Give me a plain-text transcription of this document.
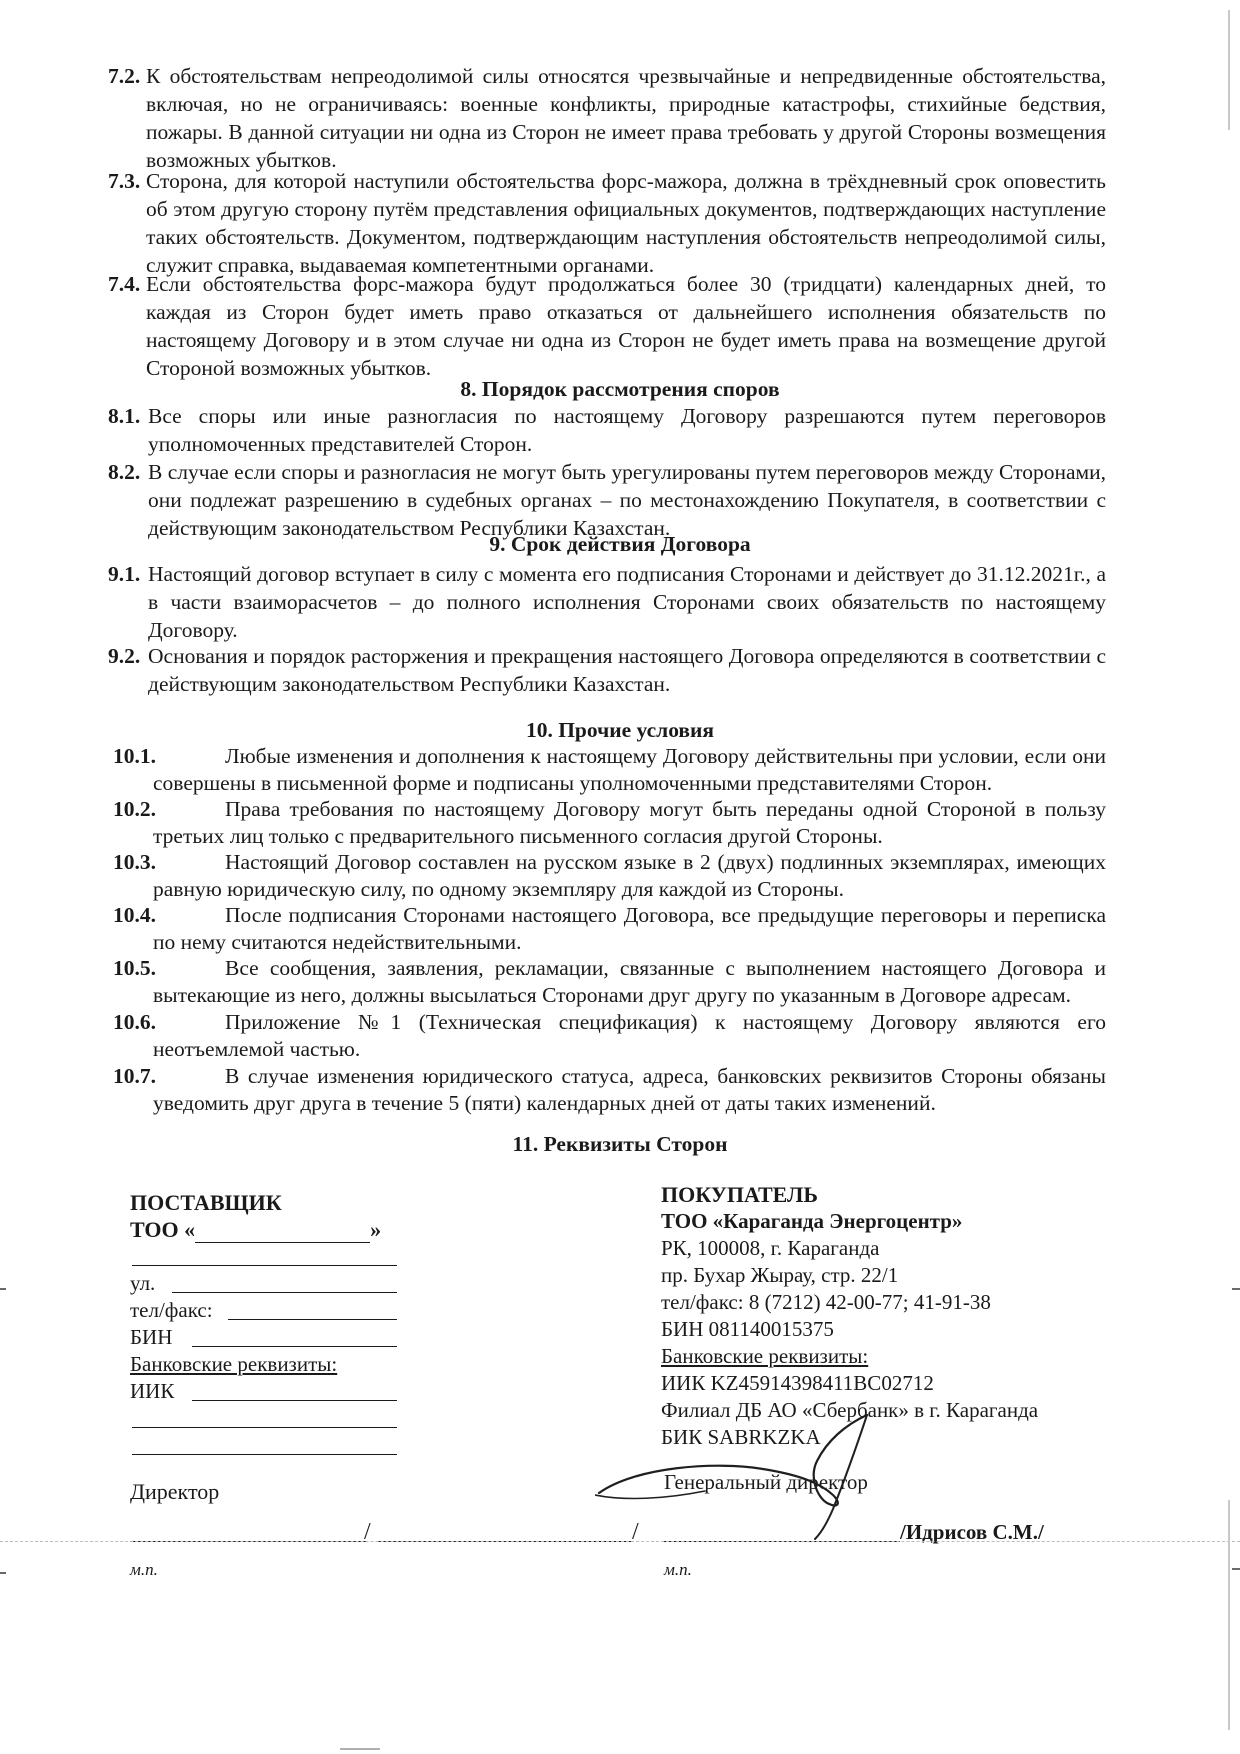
7.2. К обстоятельствам непреодолимой силы относятся чрезвычайные и непредвиденные обстоятельства, включая, но не ограничиваясь: военные конфликты, природные катастрофы, стихийные бедствия, пожары. В данной ситуации ни одна из Сторон не имеет права требовать у другой Стороны возмещения возможных убытков.
7.3. Сторона, для которой наступили обстоятельства форс-мажора, должна в трёхдневный срок оповестить об этом другую сторону путём представления официальных документов, подтверждающих наступление таких обстоятельств. Документом, подтверждающим наступления обстоятельств непреодолимой силы, служит справка, выдаваемая компетентными органами.
7.4. Если обстоятельства форс-мажора будут продолжаться более 30 (тридцати) календарных дней, то каждая из Сторон будет иметь право отказаться от дальнейшего исполнения обязательств по настоящему Договору и в этом случае ни одна из Сторон не будет иметь права на возмещение другой Стороной возможных убытков.
8. Порядок рассмотрения споров
8.1. Все споры или иные разногласия по настоящему Договору разрешаются путем переговоров уполномоченных представителей Сторон.
8.2. В случае если споры и разногласия не могут быть урегулированы путем переговоров между Сторонами, они подлежат разрешению в судебных органах – по местонахождению Покупателя, в соответствии с действующим законодательством Республики Казахстан.
9. Срок действия Договора
9.1. Настоящий договор вступает в силу с момента его подписания Сторонами и действует до 31.12.2021г., а в части взаиморасчетов – до полного исполнения Сторонами своих обязательств по настоящему Договору.
9.2. Основания и порядок расторжения и прекращения настоящего Договора определяются в соответствии с действующим законодательством Республики Казахстан.
10. Прочие условия
10.1.	Любые изменения и дополнения к настоящему Договору действительны при условии, если они совершены в письменной форме и подписаны уполномоченными представителями Сторон.
10.2.	Права требования по настоящему Договору могут быть переданы одной Стороной в пользу третьих лиц только с предварительного письменного согласия другой Стороны.
10.3.	Настоящий Договор составлен на русском языке в 2 (двух) подлинных экземплярах, имеющих равную юридическую силу, по одному экземпляру для каждой из Стороны.
10.4.	После подписания Сторонами настоящего Договора, все предыдущие переговоры и переписка по нему считаются недействительными.
10.5.	Все сообщения, заявления, рекламации, связанные с выполнением настоящего Договора и вытекающие из него, должны высылаться Сторонами друг другу по указанным в Договоре адресам.
10.6.	Приложение №1 (Техническая спецификация) к настоящему Договору являются его неотъемлемой частью.
10.7.	В случае изменения юридического статуса, адреса, банковских реквизитов Стороны обязаны уведомить друг друга в течение 5 (пяти) календарных дней от даты таких изменений.
11. Реквизиты Сторон
ПОСТАВЩИК
ТОО «	»
ул.
тел/факс:
БИН
Банковские реквизиты:
ИИК
Директор
/	/
м.п.
ПОКУПАТЕЛЬ
ТОО «Караганда Энергоцентр»
РК, 100008, г. Караганда
пр. Бухар Жырау, стр. 22/1
тел/факс: 8 (7212) 42-00-77; 41-91-38
БИН 081140015375
Банковские реквизиты:
ИИК KZ45914398411BC02712
Филиал ДБ АО «Сбербанк» в г. Караганда
БИК SABRKZKA
Генеральный директор
/Идрисов С.М./
м.п.
